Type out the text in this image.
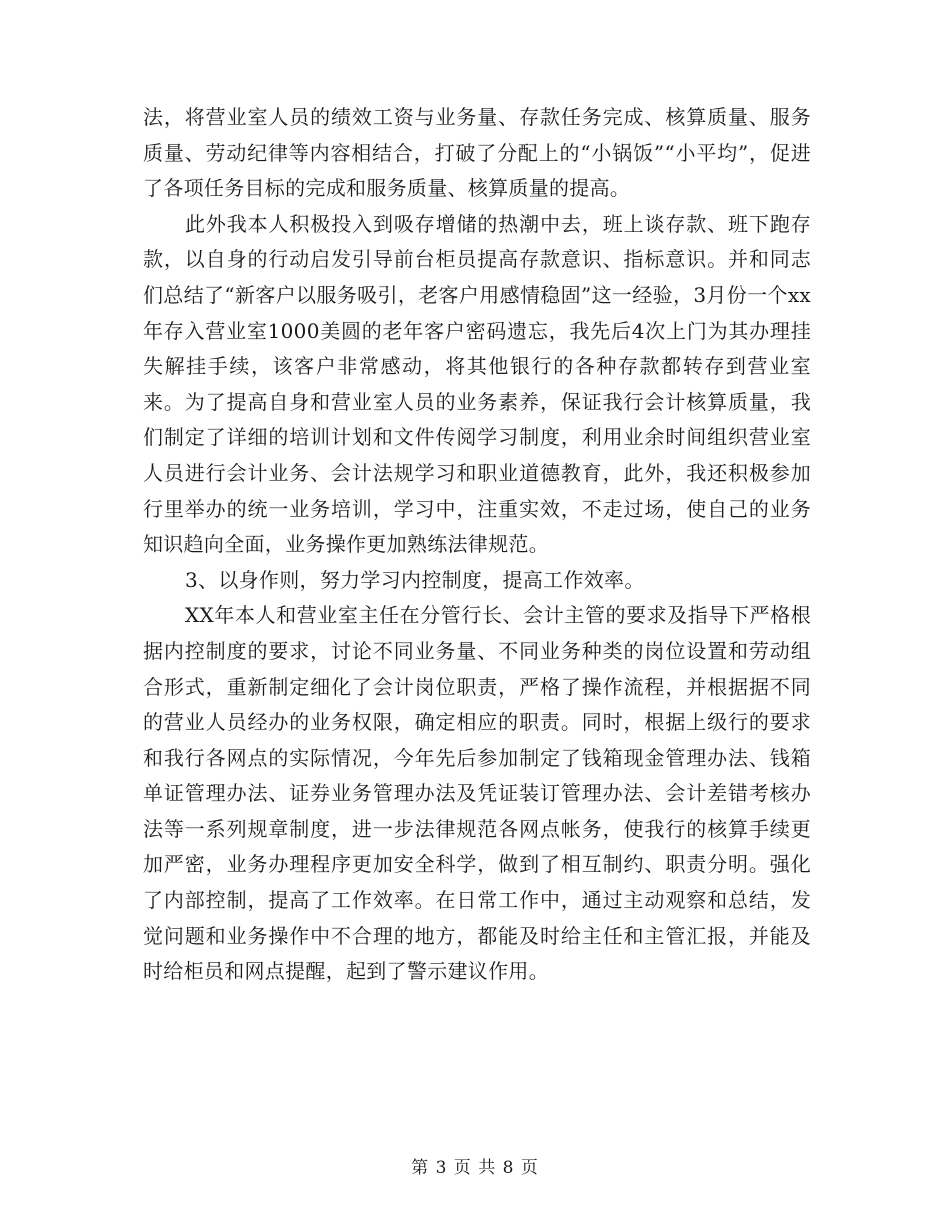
法，将营业室人员的绩效工资与业务量、存款任务完成、核算质量、服务质量、劳动纪律等内容相结合，打破了分配上的“小锅饭”“小平均”，促进了各项任务目标的完成和服务质量、核算质量的提高。

此外我本人积极投入到吸存增储的热潮中去，班上谈存款、班下跑存款，以自身的行动启发引导前台柜员提高存款意识、指标意识。并和同志们总结了“新客户以服务吸引，老客户用感情稳固”这一经验，3月份一个xx年存入营业室1000美圆的老年客户密码遗忘，我先后4次上门为其办理挂失解挂手续，该客户非常感动，将其他银行的各种存款都转存到营业室来。为了提高自身和营业室人员的业务素养，保证我行会计核算质量，我们制定了详细的培训计划和文件传阅学习制度，利用业余时间组织营业室人员进行会计业务、会计法规学习和职业道德教育，此外，我还积极参加行里举办的统一业务培训，学习中，注重实效，不走过场，使自己的业务知识趋向全面，业务操作更加熟练法律规范。

3、以身作则，努力学习内控制度，提高工作效率。

XX年本人和营业室主任在分管行长、会计主管的要求及指导下严格根据内控制度的要求，讨论不同业务量、不同业务种类的岗位设置和劳动组合形式，重新制定细化了会计岗位职责，严格了操作流程，并根据据不同的营业人员经办的业务权限，确定相应的职责。同时，根据上级行的要求和我行各网点的实际情况，今年先后参加制定了钱箱现金管理办法、钱箱单证管理办法、证券业务管理办法及凭证装订管理办法、会计差错考核办法等一系列规章制度，进一步法律规范各网点帐务，使我行的核算手续更加严密，业务办理程序更加安全科学，做到了相互制约、职责分明。强化了内部控制，提高了工作效率。在日常工作中，通过主动观察和总结，发觉问题和业务操作中不合理的地方，都能及时给主任和主管汇报，并能及时给柜员和网点提醒，起到了警示建议作用。

第 3 页 共 8 页
